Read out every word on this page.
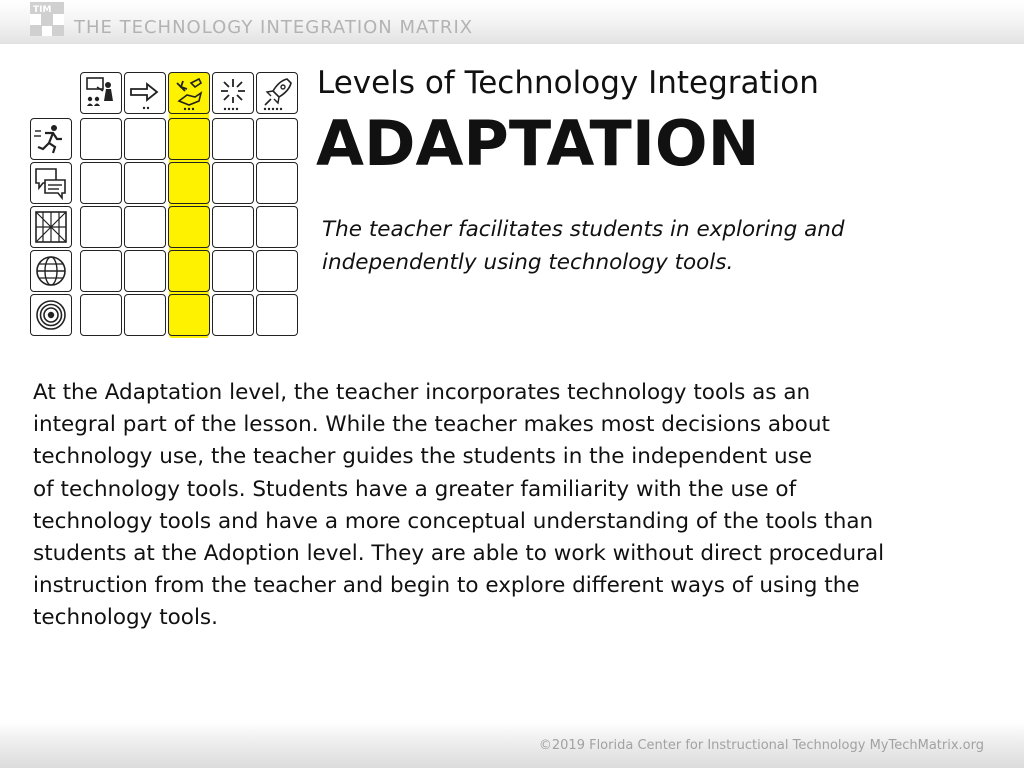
TIM
THE TECHNOLOGY INTEGRATION MATRIX
Levels of Technology Integration
ADAPTATION
The teacher facilitates students in exploring and
independently using technology tools.
At the Adaptation level, the teacher incorporates technology tools as an
integral part of the lesson. While the teacher makes most decisions about
technology use, the teacher guides the students in the independent use
of technology tools. Students have a greater familiarity with the use of
technology tools and have a more conceptual understanding of the tools than
students at the Adoption level. They are able to work without direct procedural
instruction from the teacher and begin to explore different ways of using the
technology tools.
©2019 Florida Center for Instructional Technology MyTechMatrix.org
